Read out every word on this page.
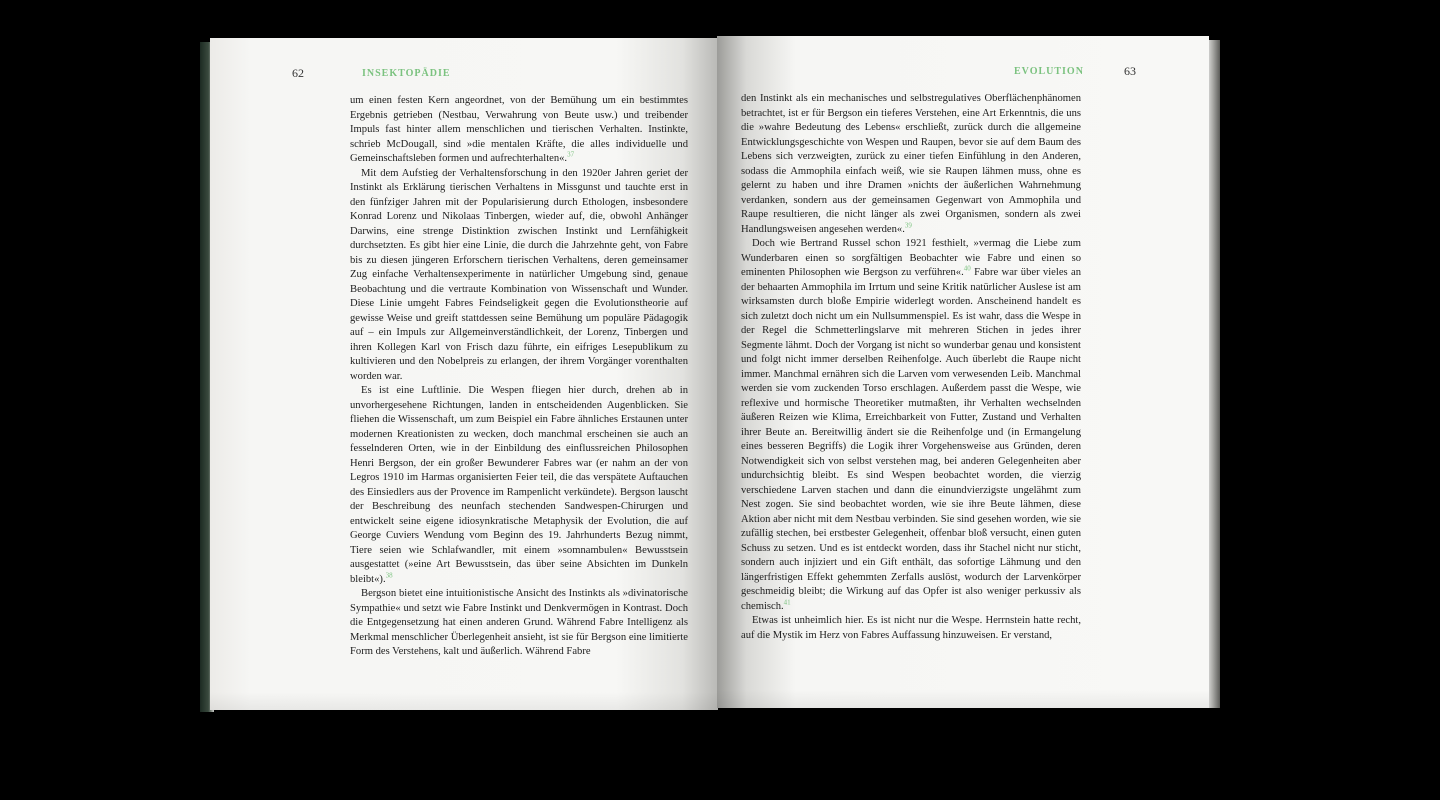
62	INSEKTOPÄDIE

um einen festen Kern angeordnet, von der Bemühung um ein bestimmtes Ergebnis getrieben (Nestbau, Verwahrung von Beute usw.) und treibender Impuls fast hinter allem menschlichen und tierischen Verhalten. Instinkte, schrieb McDougall, sind »die mentalen Kräfte, die alles individuelle und Gemeinschaftsleben formen und aufrechterhalten«.$^{37}$

Mit dem Aufstieg der Verhaltensforschung in den 1920er Jahren geriet der Instinkt als Erklärung tierischen Verhaltens in Missgunst und tauchte erst in den fünfziger Jahren mit der Popularisierung durch Ethologen, insbesondere Konrad Lorenz und Nikolaas Tinbergen, wieder auf, die, obwohl Anhänger Darwins, eine strenge Distinktion zwischen Instinkt und Lernfähigkeit durchsetzten. Es gibt hier eine Linie, die durch die Jahrzehnte geht, von Fabre bis zu diesen jüngeren Erforschern tierischen Verhaltens, deren gemeinsamer Zug einfache Verhaltensexperimente in natürlicher Umgebung sind, genaue Beobachtung und die vertraute Kombination von Wissenschaft und Wunder. Diese Linie umgeht Fabres Feindseligkeit gegen die Evolutionstheorie auf gewisse Weise und greift stattdessen seine Bemühung um populäre Pädagogik auf – ein Impuls zur Allgemeinverständlichkeit, der Lorenz, Tinbergen und ihren Kollegen Karl von Frisch dazu führte, ein eifriges Lesepublikum zu kultivieren und den Nobelpreis zu erlangen, der ihrem Vorgänger vorenthalten worden war.

Es ist eine Luftlinie. Die Wespen fliegen hier durch, drehen ab in unvorhergesehene Richtungen, landen in entscheidenden Augenblicken. Sie fliehen die Wissenschaft, um zum Beispiel ein Fabre ähnliches Erstaunen unter modernen Kreationisten zu wecken, doch manchmal erscheinen sie auch an fesselnderen Orten, wie in der Einbildung des einflussreichen Philosophen Henri Bergson, der ein großer Bewunderer Fabres war (er nahm an der von Legros 1910 im Harmas organisierten Feier teil, die das verspätete Auftauchen des Einsiedlers aus der Provence im Rampenlicht verkündete). Bergson lauscht der Beschreibung des neunfach stechenden Sandwespen-Chirurgen und entwickelt seine eigene idiosynkratische Metaphysik der Evolution, die auf George Cuviers Wendung vom Beginn des 19. Jahrhunderts Bezug nimmt, Tiere seien wie Schlafwandler, mit einem »somnambulen« Bewusstsein ausgestattet (»eine Art Bewusstsein, das über seine Absichten im Dunkeln bleibt«).$^{38}$

Bergson bietet eine intuitionistische Ansicht des Instinkts als »divinatorische Sympathie« und setzt wie Fabre Instinkt und Denkvermögen in Kontrast. Doch die Entgegensetzung hat einen anderen Grund. Während Fabre Intelligenz als Merkmal menschlicher Überlegenheit ansieht, ist sie für Bergson eine limitierte Form des Verstehens, kalt und äußerlich. Während Fabre

EVOLUTION	63

den Instinkt als ein mechanisches und selbstregulatives Oberflächenphänomen betrachtet, ist er für Bergson ein tieferes Verstehen, eine Art Erkenntnis, die uns die »wahre Bedeutung des Lebens« erschließt, zurück durch die allgemeine Entwicklungsgeschichte von Wespen und Raupen, bevor sie auf dem Baum des Lebens sich verzweigten, zurück zu einer tiefen Einfühlung in den Anderen, sodass die Ammophila einfach weiß, wie sie Raupen lähmen muss, ohne es gelernt zu haben und ihre Dramen »nichts der äußerlichen Wahrnehmung verdanken, sondern aus der gemeinsamen Gegenwart von Ammophila und Raupe resultieren, die nicht länger als zwei Organismen, sondern als zwei Handlungsweisen angesehen werden«.$^{39}$

Doch wie Bertrand Russel schon 1921 festhielt, »vermag die Liebe zum Wunderbaren einen so sorgfältigen Beobachter wie Fabre und einen so eminenten Philosophen wie Bergson zu verführen«.$^{40}$ Fabre war über vieles an der behaarten Ammophila im Irrtum und seine Kritik natürlicher Auslese ist am wirksamsten durch bloße Empirie widerlegt worden. Anscheinend handelt es sich zuletzt doch nicht um ein Nullsummenspiel. Es ist wahr, dass die Wespe in der Regel die Schmetterlingslarve mit mehreren Stichen in jedes ihrer Segmente lähmt. Doch der Vorgang ist nicht so wunderbar genau und konsistent und folgt nicht immer derselben Reihenfolge. Auch überlebt die Raupe nicht immer. Manchmal ernähren sich die Larven vom verwesenden Leib. Manchmal werden sie vom zuckenden Torso erschlagen. Außerdem passt die Wespe, wie reflexive und hormische Theoretiker mutmaßten, ihr Verhalten wechselnden äußeren Reizen wie Klima, Erreichbarkeit von Futter, Zustand und Verhalten ihrer Beute an. Bereitwillig ändert sie die Reihenfolge und (in Ermangelung eines besseren Begriffs) die Logik ihrer Vorgehensweise aus Gründen, deren Notwendigkeit sich von selbst verstehen mag, bei anderen Gelegenheiten aber undurchsichtig bleibt. Es sind Wespen beobachtet worden, die vierzig verschiedene Larven stachen und dann die einundvierzigste ungelähmt zum Nest zogen. Sie sind beobachtet worden, wie sie ihre Beute lähmen, diese Aktion aber nicht mit dem Nestbau verbinden. Sie sind gesehen worden, wie sie zufällig stechen, bei erstbester Gelegenheit, offenbar bloß versucht, einen guten Schuss zu setzen. Und es ist entdeckt worden, dass ihr Stachel nicht nur sticht, sondern auch injiziert und ein Gift enthält, das sofortige Lähmung und den längerfristigen Effekt gehemmten Zerfalls auslöst, wodurch der Larvenkörper geschmeidig bleibt; die Wirkung auf das Opfer ist also weniger perkussiv als chemisch.$^{41}$

Etwas ist unheimlich hier. Es ist nicht nur die Wespe. Herrnstein hatte recht, auf die Mystik im Herz von Fabres Auffassung hinzuweisen. Er verstand,
